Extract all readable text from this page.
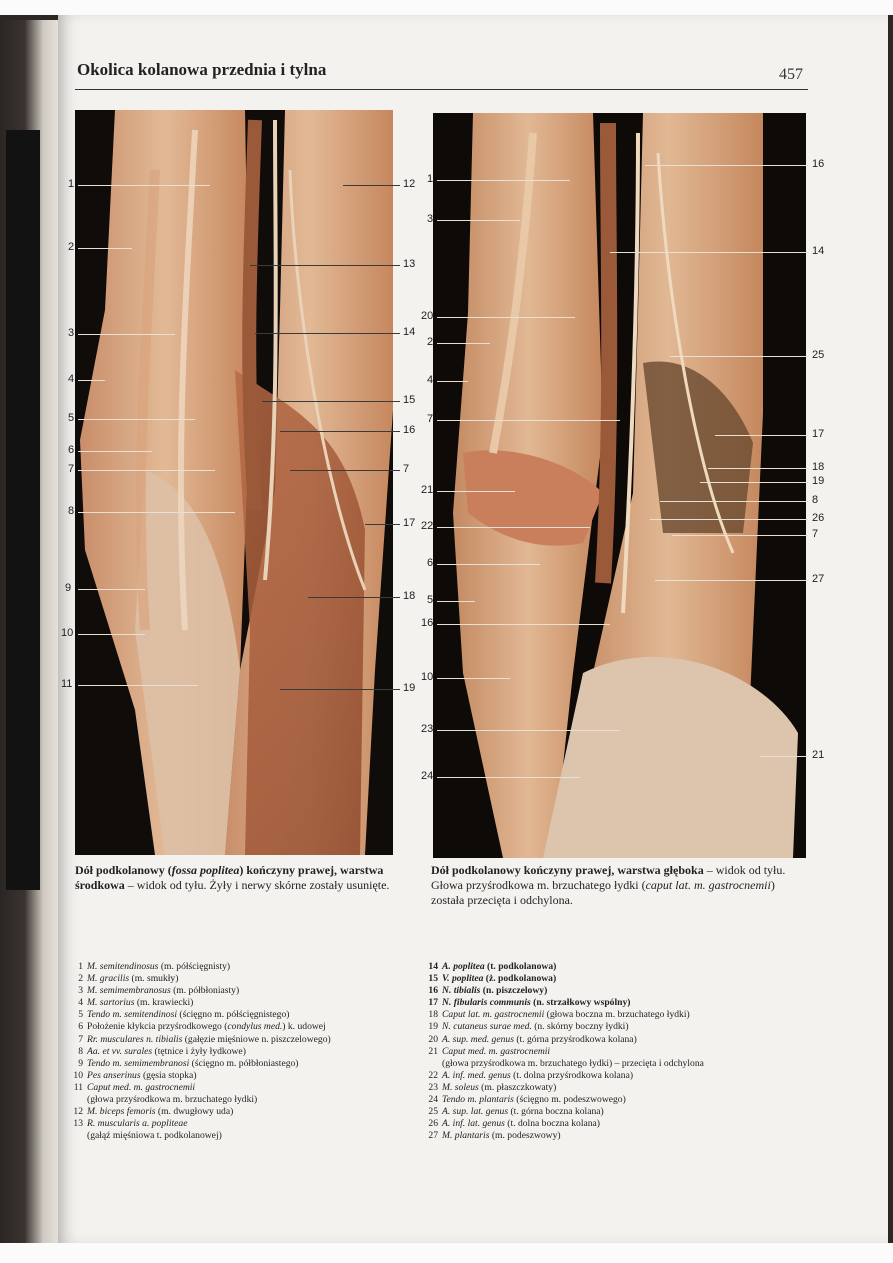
Okolica kolanowa przednia i tylna	457
1
2
3
4
5
6
7
8
9
10
11
12
13
14
15
16
7
17
18
19
1
3
20
2
4
7
21
22
6
5
16
10
23
24
16
14
25
17
18
19
8
26
7
27
21
Dół podkolanowy (fossa poplitea) kończyny prawej, warstwa środkowa – widok od tyłu. Żyły i nerwy skórne zostały usunięte.
Dół podkolanowy kończyny prawej, warstwa głęboka – widok od tyłu. Głowa przyśrodkowa m. brzuchatego łydki (caput lat. m. gastrocnemii) została przecięta i odchylona.
1 M. semitendinosus (m. półścięgnisty)
2 M. gracilis (m. smukły)
3 M. semimembranosus (m. półbłoniasty)
4 M. sartorius (m. krawiecki)
5 Tendo m. semitendinosi (ścięgno m. półścięgnistego)
6 Położenie kłykcia przyśrodkowego (condylus med.) k. udowej
7 Rr. musculares n. tibialis (gałęzie mięśniowe n. piszczelowego)
8 Aa. et vv. surales (tętnice i żyły łydkowe)
9 Tendo m. semimembranosi (ścięgno m. półbłoniastego)
10 Pes anserinus (gęsia stopka)
11 Caput med. m. gastrocnemii
(głowa przyśrodkowa m. brzuchatego łydki)
12 M. biceps femoris (m. dwugłowy uda)
13 R. muscularis a. popliteae
(gałąź mięśniowa t. podkolanowej)
14 A. poplitea (t. podkolanowa)
15 V. poplitea (ż. podkolanowa)
16 N. tibialis (n. piszczelowy)
17 N. fibularis communis (n. strzałkowy wspólny)
18 Caput lat. m. gastrocnemii (głowa boczna m. brzuchatego łydki)
19 N. cutaneus surae med. (n. skórny boczny łydki)
20 A. sup. med. genus (t. górna przyśrodkowa kolana)
21 Caput med. m. gastrocnemii
(głowa przyśrodkowa m. brzuchatego łydki) – przecięta i odchylona
22 A. inf. med. genus (t. dolna przyśrodkowa kolana)
23 M. soleus (m. płaszczkowaty)
24 Tendo m. plantaris (ścięgno m. podeszwowego)
25 A. sup. lat. genus (t. górna boczna kolana)
26 A. inf. lat. genus (t. dolna boczna kolana)
27 M. plantaris (m. podeszwowy)
